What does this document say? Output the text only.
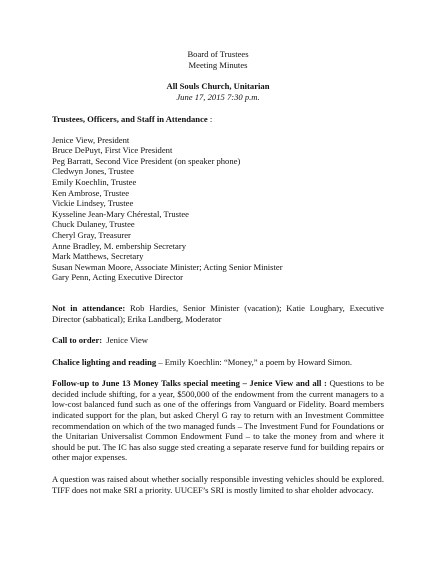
Board of Trustees
Meeting Minutes
All Souls Church, Unitarian
June 17, 2015 7:30 p.m.
Trustees, Officers, and Staff in Attendance :
Jenice View, President
Bruce DePuyt, First Vice President
Peg Barratt, Second Vice President (on speaker phone)
Cledwyn Jones, Trustee
Emily Koechlin, Trustee
Ken Ambrose, Trustee
Vickie Lindsey, Trustee
Kysseline Jean-Mary Chérestal, Trustee
Chuck Dulaney, Trustee
Cheryl Gray, Treasurer
Anne Bradley, M. embership Secretary
Mark Matthews, Secretary
Susan Newman Moore, Associate Minister; Acting Senior Minister
Gary Penn, Acting Executive Director
Not in attendance: Rob Hardies, Senior Minister (vacation); Katie Loughary, Executive Director (sabbatical); Erika Landberg, Moderator
Call to order:  Jenice View
Chalice lighting and reading – Emily Koechlin: “Money,” a poem by Howard Simon.
Follow-up to June 13 Money Talks special meeting – Jenice View and all : Questions to be decided include shifting, for a year, $500,000 of the endowment from the current managers to a low-cost balanced fund such as one of the offerings from Vanguard or Fidelity. Board members indicated support for the plan, but asked Cheryl G ray to return with an Investment Committee recommendation on which of the two managed funds – The Investment Fund for Foundations or the Unitarian Universalist Common Endowment Fund – to take the money from and where it should be put. The IC has also sugge sted creating a separate reserve fund for building repairs or other major expenses.
A question was raised about whether socially responsible investing vehicles should be explored. TIFF does not make SRI a priority. UUCEF’s SRI is mostly limited to shar eholder advocacy.
